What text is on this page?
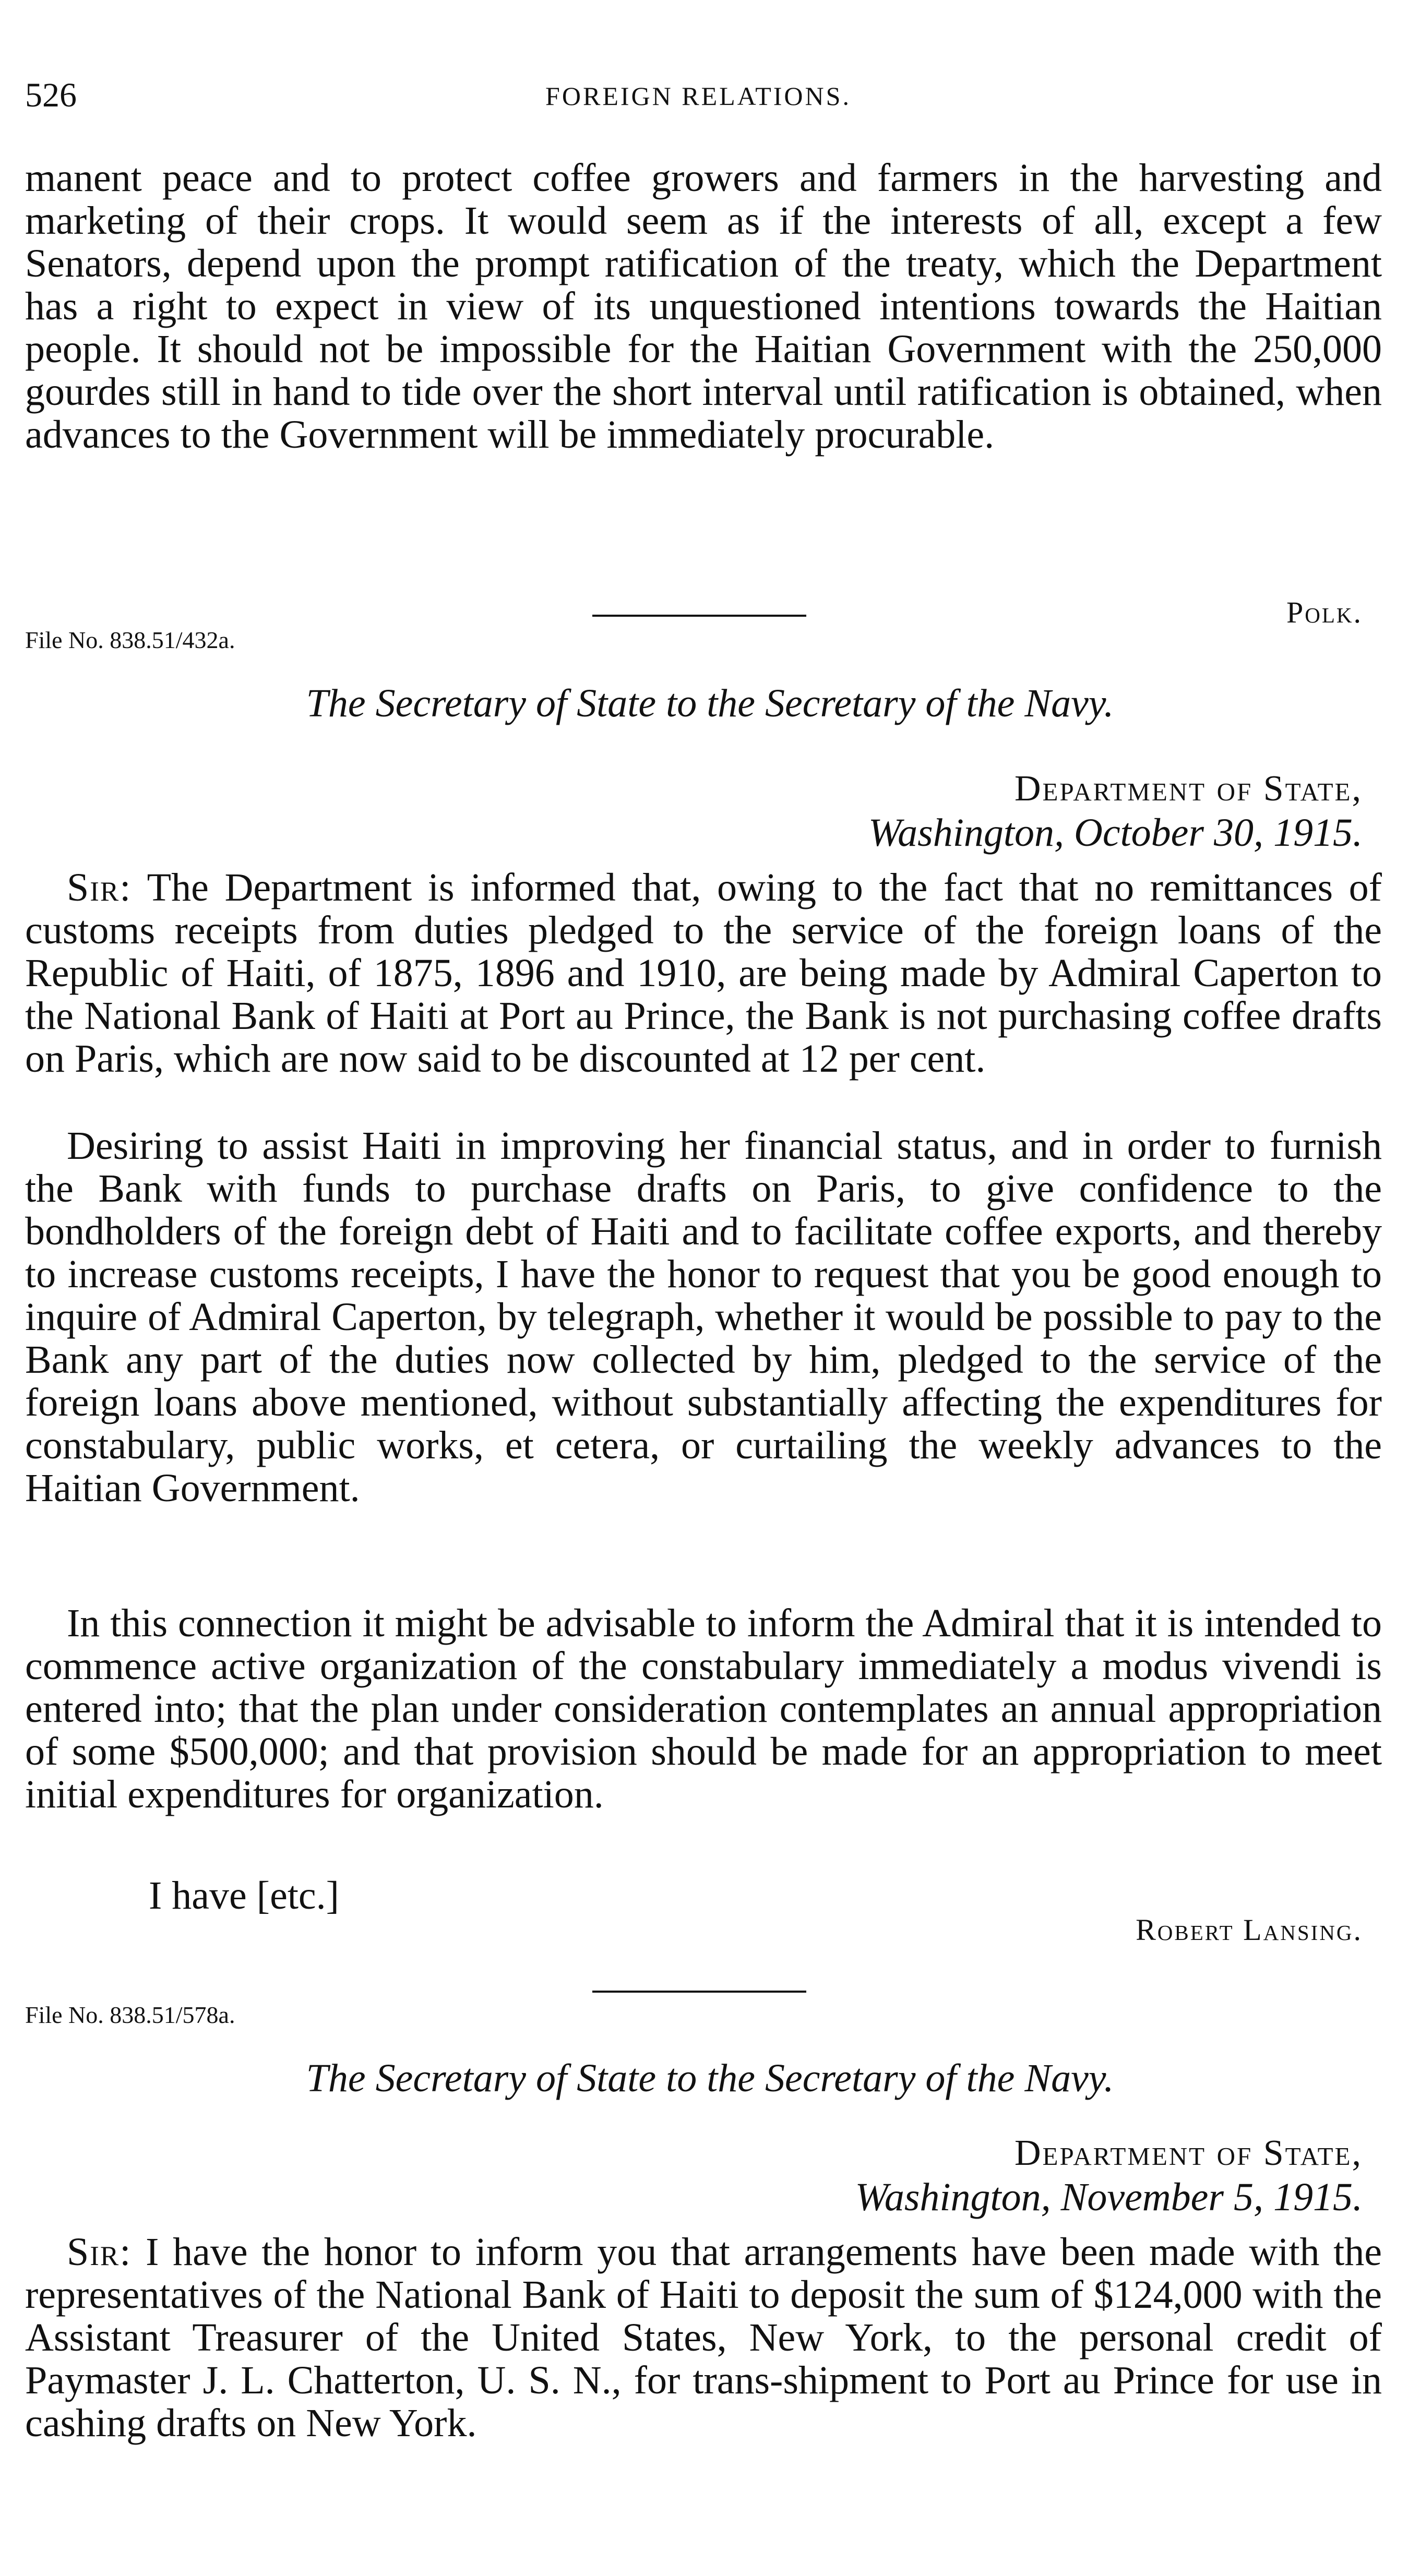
526	FOREIGN RELATIONS.

manent peace and to protect coffee growers and farmers in the harvesting and marketing of their crops. It would seem as if the interests of all, except a few Senators, depend upon the prompt ratification of the treaty, which the Department has a right to expect in view of its unquestioned intentions towards the Haitian people. It should not be impossible for the Haitian Government with the 250,000 gourdes still in hand to tide over the short interval until ratification is obtained, when advances to the Government will be immediately procurable.

Polk.
File No. 838.51/432a.
The Secretary of State to the Secretary of the Navy.
Department of State,
Washington, October 30, 1915.

Sir: The Department is informed that, owing to the fact that no remittances of customs receipts from duties pledged to the service of the foreign loans of the Republic of Haiti, of 1875, 1896 and 1910, are being made by Admiral Caperton to the National Bank of Haiti at Port au Prince, the Bank is not purchasing coffee drafts on Paris, which are now said to be discounted at 12 per cent.

Desiring to assist Haiti in improving her financial status, and in order to furnish the Bank with funds to purchase drafts on Paris, to give confidence to the bondholders of the foreign debt of Haiti and to facilitate coffee exports, and thereby to increase customs receipts, I have the honor to request that you be good enough to inquire of Admiral Caperton, by telegraph, whether it would be possible to pay to the Bank any part of the duties now collected by him, pledged to the service of the foreign loans above mentioned, without substantially affecting the expenditures for constabulary, public works, et cetera, or curtailing the weekly advances to the Haitian Government.

In this connection it might be advisable to inform the Admiral that it is intended to commence active organization of the constabulary immediately a modus vivendi is entered into; that the plan under consideration contemplates an annual appropriation of some $500,000; and that provision should be made for an appropriation to meet initial expenditures for organization.

I have [etc.]
Robert Lansing.
File No. 838.51/578a.
The Secretary of State to the Secretary of the Navy.
Department of State,
Washington, November 5, 1915.

Sir: I have the honor to inform you that arrangements have been made with the representatives of the National Bank of Haiti to deposit the sum of $124,000 with the Assistant Treasurer of the United States, New York, to the personal credit of Paymaster J. L. Chatterton, U. S. N., for trans-shipment to Port au Prince for use in cashing drafts on New York.
